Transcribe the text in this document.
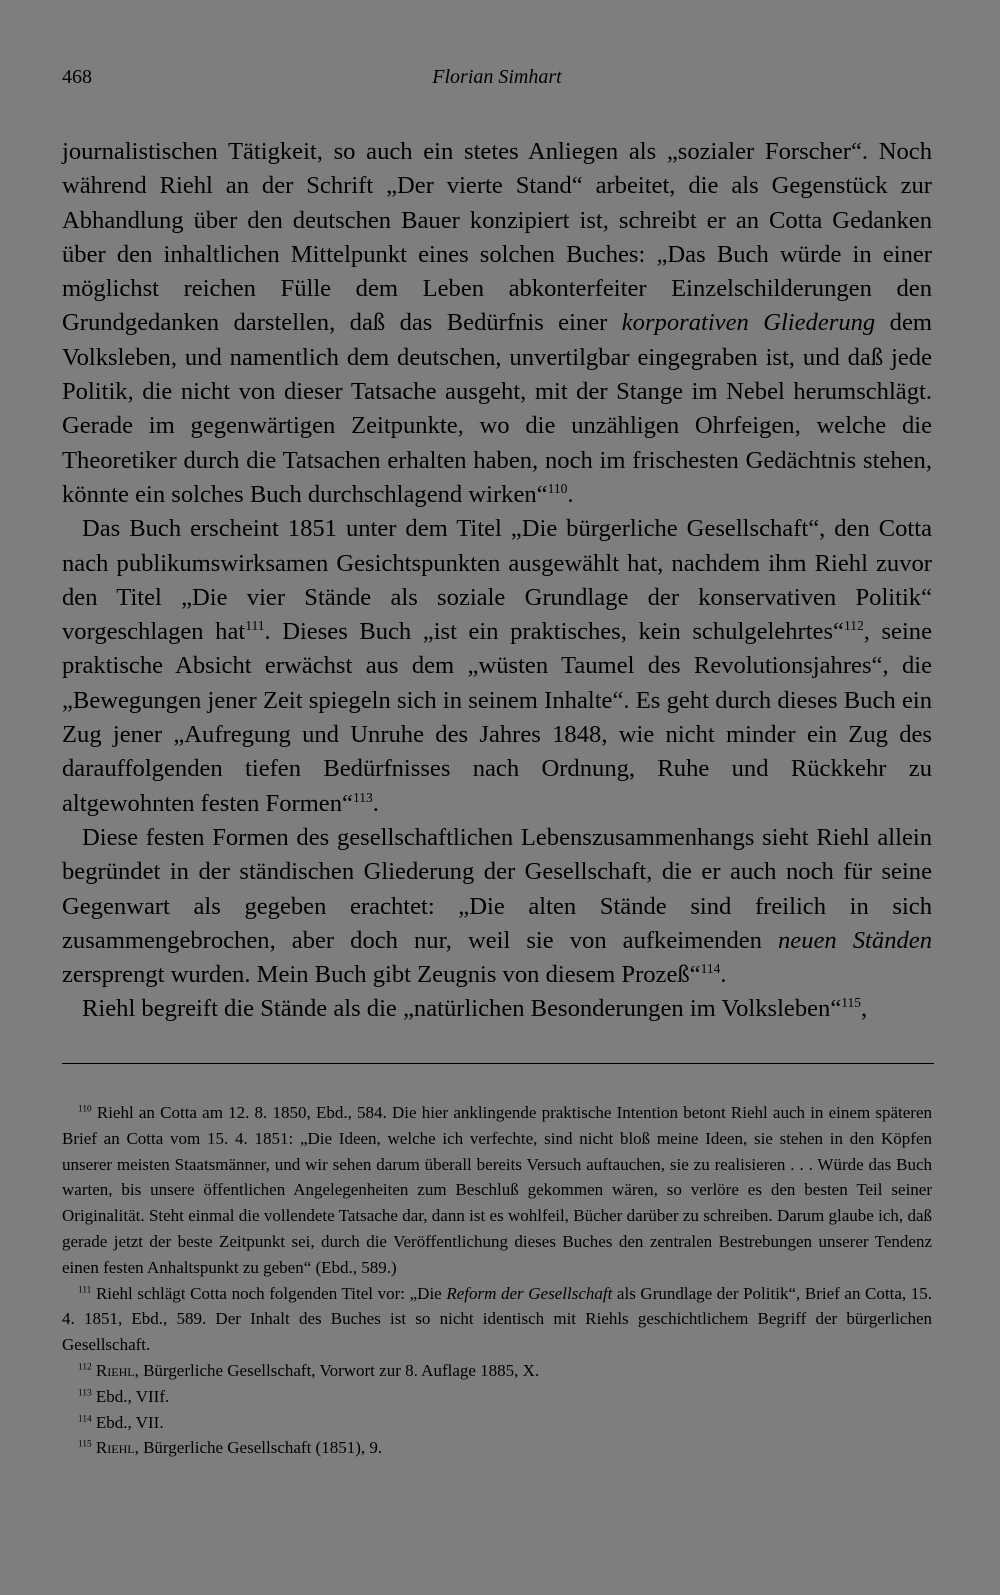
468	Florian Simhart

journalistischen Tätigkeit, so auch ein stetes Anliegen als „sozialer Forscher“. Noch während Riehl an der Schrift „Der vierte Stand“ arbeitet, die als Gegenstück zur Abhandlung über den deutschen Bauer konzipiert ist, schreibt er an Cotta Gedanken über den inhaltlichen Mittelpunkt eines solchen Buches: „Das Buch würde in einer möglichst reichen Fülle dem Leben abkonterfeiter Einzelschilderungen den Grundgedanken darstellen, daß das Bedürfnis einer korporativen Gliederung dem Volksleben, und namentlich dem deutschen, unvertilgbar eingegraben ist, und daß jede Politik, die nicht von dieser Tatsache ausgeht, mit der Stange im Nebel herumschlägt. Gerade im gegenwärtigen Zeitpunkte, wo die unzähligen Ohrfeigen, welche die Theoretiker durch die Tatsachen erhalten haben, noch im frischesten Gedächtnis stehen, könnte ein solches Buch durchschlagend wirken“$^{110}$.

Das Buch erscheint 1851 unter dem Titel „Die bürgerliche Gesellschaft“, den Cotta nach publikumswirksamen Gesichtspunkten ausgewählt hat, nachdem ihm Riehl zuvor den Titel „Die vier Stände als soziale Grundlage der konservativen Politik“ vorgeschlagen hat$^{111}$. Dieses Buch „ist ein praktisches, kein schulgelehrtes“$^{112}$, seine praktische Absicht erwächst aus dem „wüsten Taumel des Revolutionsjahres“, die „Bewegungen jener Zeit spiegeln sich in seinem Inhalte“. Es geht durch dieses Buch ein Zug jener „Aufregung und Unruhe des Jahres 1848, wie nicht minder ein Zug des darauffolgenden tiefen Bedürfnisses nach Ordnung, Ruhe und Rückkehr zu altgewohnten festen Formen“$^{113}$.

Diese festen Formen des gesellschaftlichen Lebenszusammenhangs sieht Riehl allein begründet in der ständischen Gliederung der Gesellschaft, die er auch noch für seine Gegenwart als gegeben erachtet: „Die alten Stände sind freilich in sich zusammengebrochen, aber doch nur, weil sie von aufkeimenden neuen Ständen zersprengt wurden. Mein Buch gibt Zeugnis von diesem Prozeß“$^{114}$.

Riehl begreift die Stände als die „natürlichen Besonderungen im Volksleben“$^{115}$,

$^{110}$ Riehl an Cotta am 12. 8. 1850, Ebd., 584. Die hier anklingende praktische Intention betont Riehl auch in einem späteren Brief an Cotta vom 15. 4. 1851: „Die Ideen, welche ich verfechte, sind nicht bloß meine Ideen, sie stehen in den Köpfen unserer meisten Staatsmänner, und wir sehen darum überall bereits Versuch auftauchen, sie zu realisieren . . . Würde das Buch warten, bis unsere öffentlichen Angelegenheiten zum Beschluß gekommen wären, so verlöre es den besten Teil seiner Originalität. Steht einmal die vollendete Tatsache dar, dann ist es wohlfeil, Bücher darüber zu schreiben. Darum glaube ich, daß gerade jetzt der beste Zeitpunkt sei, durch die Veröffentlichung dieses Buches den zentralen Bestrebungen unserer Tendenz einen festen Anhaltspunkt zu geben“ (Ebd., 589.)

$^{111}$ Riehl schlägt Cotta noch folgenden Titel vor: „Die Reform der Gesellschaft als Grundlage der Politik“, Brief an Cotta, 15. 4. 1851, Ebd., 589. Der Inhalt des Buches ist so nicht identisch mit Riehls geschichtlichem Begriff der bürgerlichen Gesellschaft.

$^{112}$ Riehl, Bürgerliche Gesellschaft, Vorwort zur 8. Auflage 1885, X.

$^{113}$ Ebd., VIIf.

$^{114}$ Ebd., VII.

$^{115}$ Riehl, Bürgerliche Gesellschaft (1851), 9.
